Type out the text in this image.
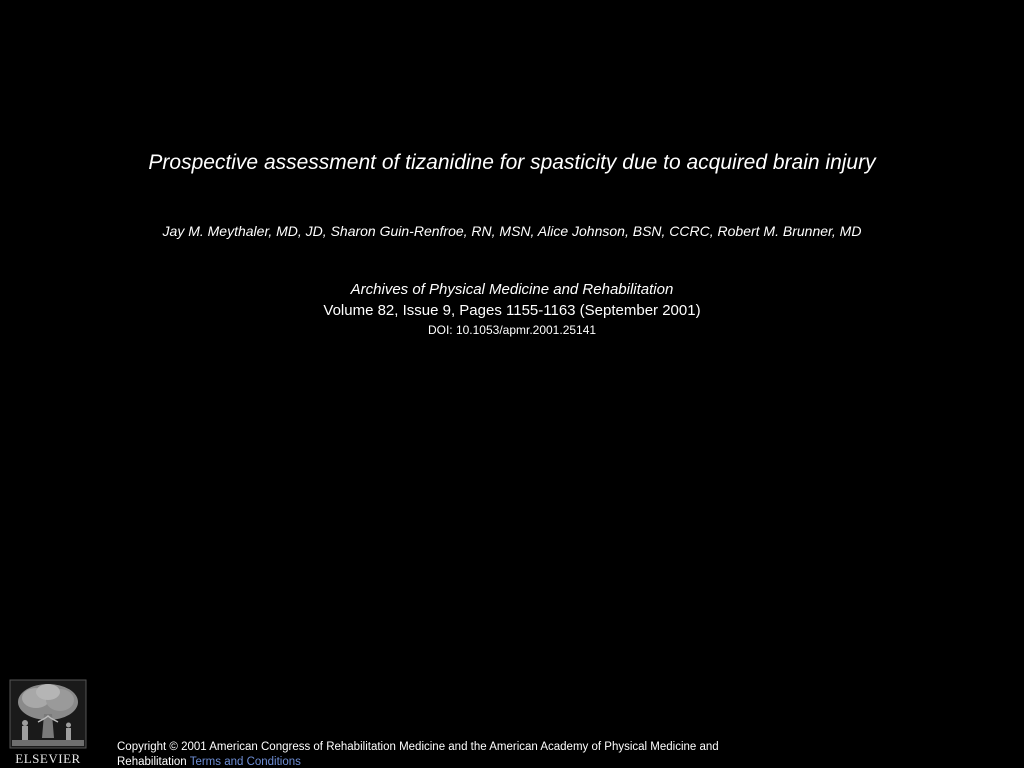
Prospective assessment of tizanidine for spasticity due to acquired brain injury
Jay M. Meythaler, MD, JD, Sharon Guin-Renfroe, RN, MSN, Alice Johnson, BSN, CCRC, Robert M. Brunner, MD
Archives of Physical Medicine and Rehabilitation
Volume 82, Issue 9, Pages 1155-1163 (September 2001)
DOI: 10.1053/apmr.2001.25141
ELSEVIER
Copyright © 2001 American Congress of Rehabilitation Medicine and the American Academy of Physical Medicine and Rehabilitation Terms and Conditions
